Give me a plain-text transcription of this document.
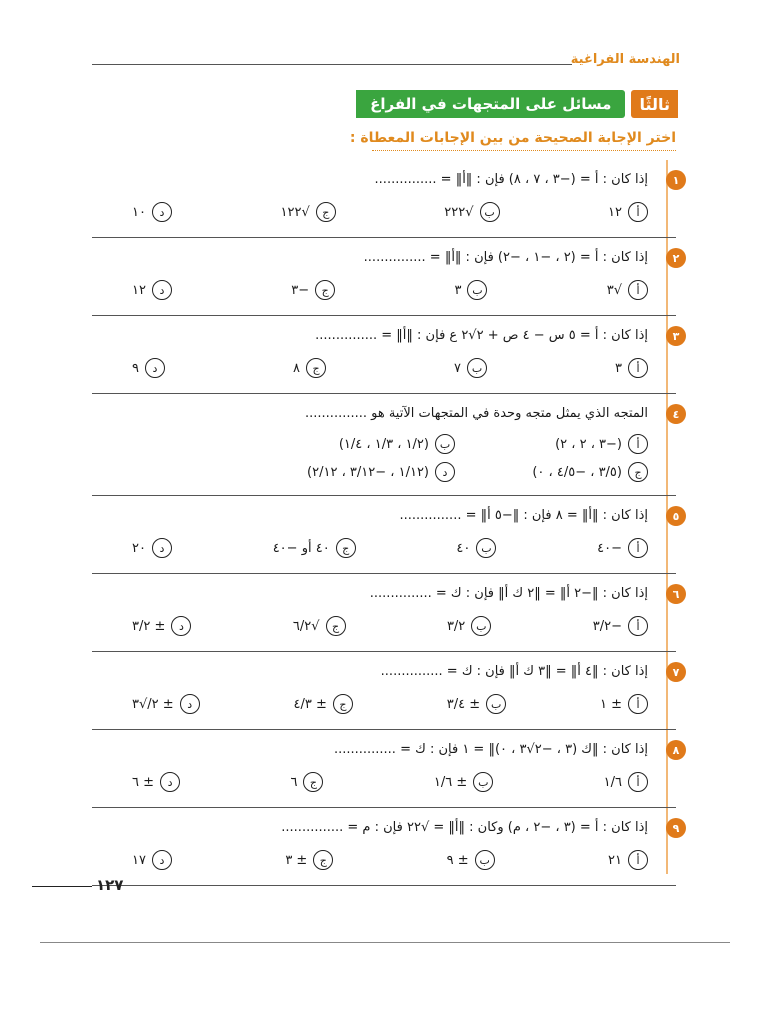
الهندسة الفراغية
ثالثًا
مسائل على المتجهات في الفراغ
اختر الإجابة الصحيحة من بين الإجابات المعطاة :
١
إذا كان : أ = (−٣ ، ٧ ، ٨) فإن : ‖أ‖ = ...............
أ
١٢
ب
√٢٢٢
ج
√١٢٢
د
١٠
٢
إذا كان : أ = (٢ ، −١ ، −٢) فإن : ‖أ‖ = ...............
أ
√٣
ب
٣
ج
−٣
د
١٢
٣
إذا كان : أ = ٥ س − ٤ ص + ٢√٢ ع فإن : ‖أ‖ = ...............
أ
٣
ب
٧
ج
٨
د
٩
٤
المتجه الذي يمثل متجه وحدة في المتجهات الآتية هو ...............
أ
(−٣ ، ٢ ، ٢)
ب
(١/٢ ، ١/٣ ، ١/٤)
ج
(٣/٥ ، −٤/٥ ، ٠)
د
(١/١٢ ، −٣/١٢ ، ٢/١٢)
٥
إذا كان : ‖أ‖ = ٨ فإن : ‖−٥ أ‖ = ...............
أ
−٤٠
ب
٤٠
ج
٤٠ أو −٤٠
د
٢٠
٦
إذا كان : ‖−٢ أ‖ = ‖٢ ك أ‖ فإن : ك = ...............
أ
−٣/٢
ب
٣/٢
ج
√٦/٢
د
± ٣/٢
٧
إذا كان : ‖٤ أ‖ = ‖٣ ك أ‖ فإن : ك = ...............
أ
± ١
ب
± ٣/٤
ج
± ٤/٣
د
± ٢/√٣
٨
إذا كان : ‖ك (٣ ، −٢√٣ ، ٠)‖ = ١ فإن : ك = ...............
أ
١/٦
ب
± ١/٦
ج
٦
د
± ٦
٩
إذا كان : أ = (٣ ، −٢ ، م) وكان : ‖أ‖ = √٢٢ فإن : م = ...............
أ
٢١
ب
± ٩
ج
± ٣
د
١٧
١٢٧
